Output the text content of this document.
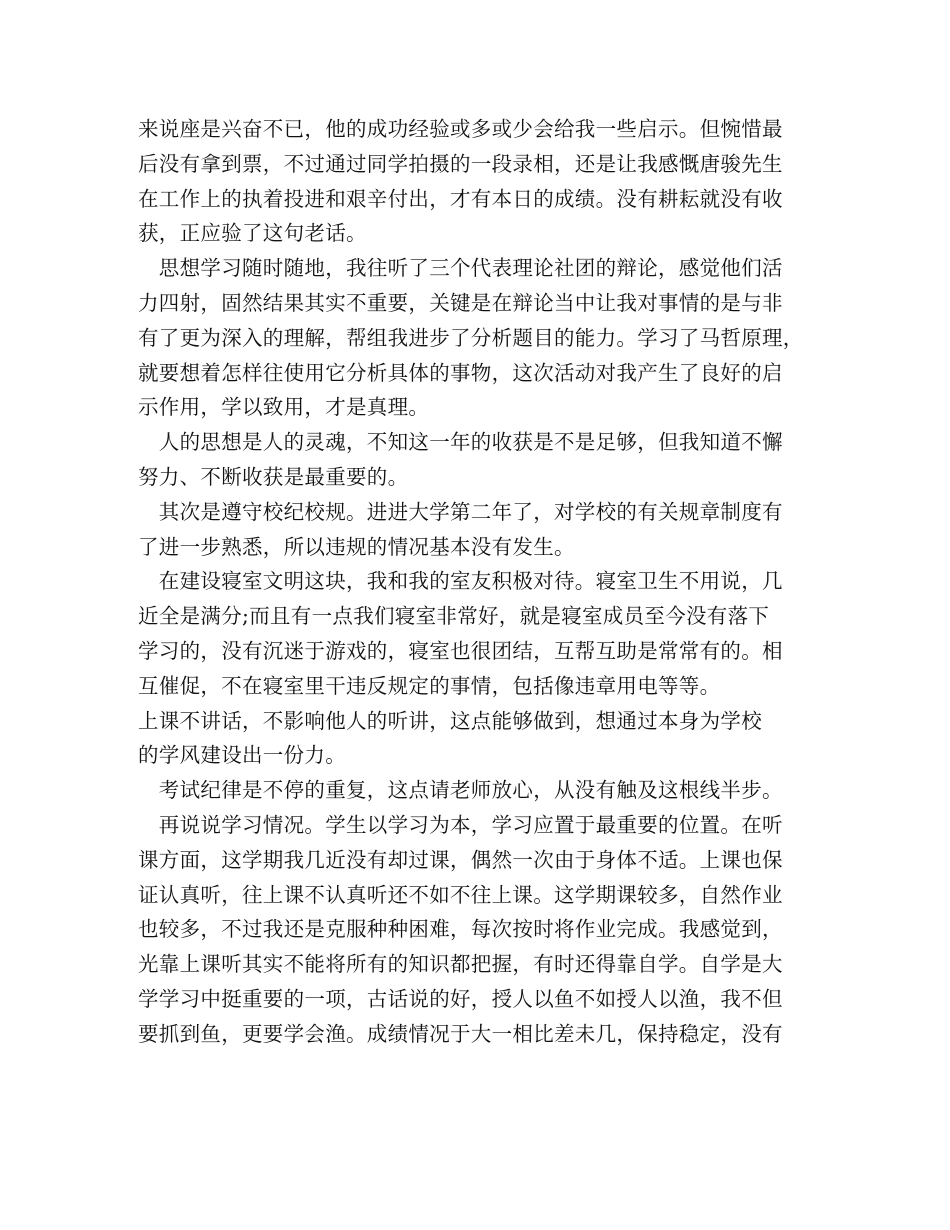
来说座是兴奋不已，他的成功经验或多或少会给我一些启示。但惋惜最
后没有拿到票，不过通过同学拍摄的一段录相，还是让我感慨唐骏先生
在工作上的执着投进和艰辛付出，才有本日的成绩。没有耕耘就没有收
获，正应验了这句老话。
　思想学习随时随地，我往听了三个代表理论社团的辩论，感觉他们活
力四射，固然结果其实不重要，关键是在辩论当中让我对事情的是与非
有了更为深入的理解，帮组我进步了分析题目的能力。学习了马哲原理，
就要想着怎样往使用它分析具体的事物，这次活动对我产生了良好的启
示作用，学以致用，才是真理。
　人的思想是人的灵魂，不知这一年的收获是不是足够，但我知道不懈
努力、不断收获是最重要的。
　其次是遵守校纪校规。进进大学第二年了，对学校的有关规章制度有
了进一步熟悉，所以违规的情况基本没有发生。
　在建设寝室文明这块，我和我的室友积极对待。寝室卫生不用说，几
近全是满分;而且有一点我们寝室非常好，就是寝室成员至今没有落下
学习的，没有沉迷于游戏的，寝室也很团结，互帮互助是常常有的。相
互催促，不在寝室里干违反规定的事情，包括像违章用电等等。
上课不讲话，不影响他人的听讲，这点能够做到，想通过本身为学校
的学风建设出一份力。
　考试纪律是不停的重复，这点请老师放心，从没有触及这根线半步。
　再说说学习情况。学生以学习为本，学习应置于最重要的位置。在听
课方面，这学期我几近没有却过课，偶然一次由于身体不适。上课也保
证认真听，往上课不认真听还不如不往上课。这学期课较多，自然作业
也较多，不过我还是克服种种困难，每次按时将作业完成。我感觉到，
光靠上课听其实不能将所有的知识都把握，有时还得靠自学。自学是大
学学习中挺重要的一项，古话说的好，授人以鱼不如授人以渔，我不但
要抓到鱼，更要学会渔。成绩情况于大一相比差未几，保持稳定，没有
